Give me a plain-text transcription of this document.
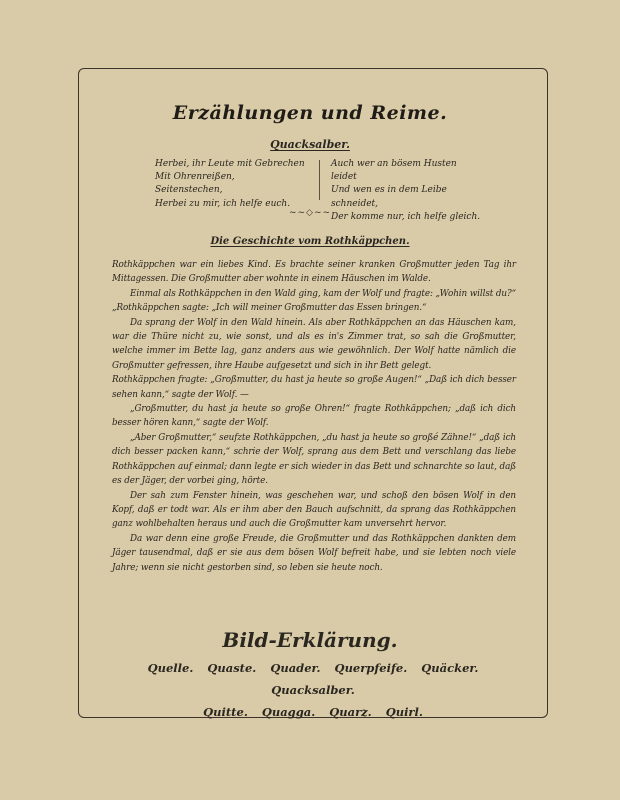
Erzählungen und Reime.
Quacksalber.
Herbei, ihr Leute mit Gebrechen
Mit Ohrenreißen, Seitenstechen,
Herbei zu mir, ich helfe euch.
Auch wer an bösem Husten leidet
Und wen es in dem Leibe schneidet,
Der komme nur, ich helfe gleich.
~~◇~~
Die Geschichte vom Rothkäppchen.

Rothkäppchen war ein liebes Kind. Es brachte seiner kranken Großmutter jeden Tag ihr Mittagessen. Die Großmutter aber wohnte in einem Häuschen im Walde.

Einmal als Rothkäppchen in den Wald ging, kam der Wolf und fragte: „Wohin willst du?“ „Rothkäppchen sagte: „Ich will meiner Großmutter das Essen bringen.“

Da sprang der Wolf in den Wald hinein. Als aber Rothkäppchen an das Häuschen kam, war die Thüre nicht zu, wie sonst, und als es in's Zimmer trat, so sah die Großmutter, welche immer im Bette lag, ganz anders aus wie gewöhnlich. Der Wolf hatte nämlich die Großmutter gefressen, ihre Haube aufgesetzt und sich in ihr Bett gelegt.

Rothkäppchen fragte: „Großmutter, du hast ja heute so große Augen!“ „Daß ich dich besser sehen kann,“ sagte der Wolf. —

„Großmutter, du hast ja heute so große Ohren!“ fragte Rothkäppchen; „daß ich dich besser hören kann,“ sagte der Wolf.

„Aber Großmutter,“ seufzte Rothkäppchen, „du hast ja heute so großé Zähne!“ „daß ich dich besser packen kann,“ schrie der Wolf, sprang aus dem Bett und verschlang das liebe Rothkäppchen auf einmal; dann legte er sich wieder in das Bett und schnarchte so laut, daß es der Jäger, der vorbei ging, hörte.

Der sah zum Fenster hinein, was geschehen war, und schoß den bösen Wolf in den Kopf, daß er todt war. Als er ihm aber den Bauch aufschnitt, da sprang das Rothkäppchen ganz wohlbehalten heraus und auch die Großmutter kam unversehrt hervor.

Da war denn eine große Freude, die Großmutter und das Rothkäppchen dankten dem Jäger tausendmal, daß er sie aus dem bösen Wolf befreit habe, und sie lebten noch viele Jahre; wenn sie nicht gestorben sind, so leben sie heute noch.

Bild-Erklärung.
Quelle. Quaste. Quader. Querpfeife. Quäcker. Quacksalber.
Quitte. Quagga. Quarz. Quirl.
